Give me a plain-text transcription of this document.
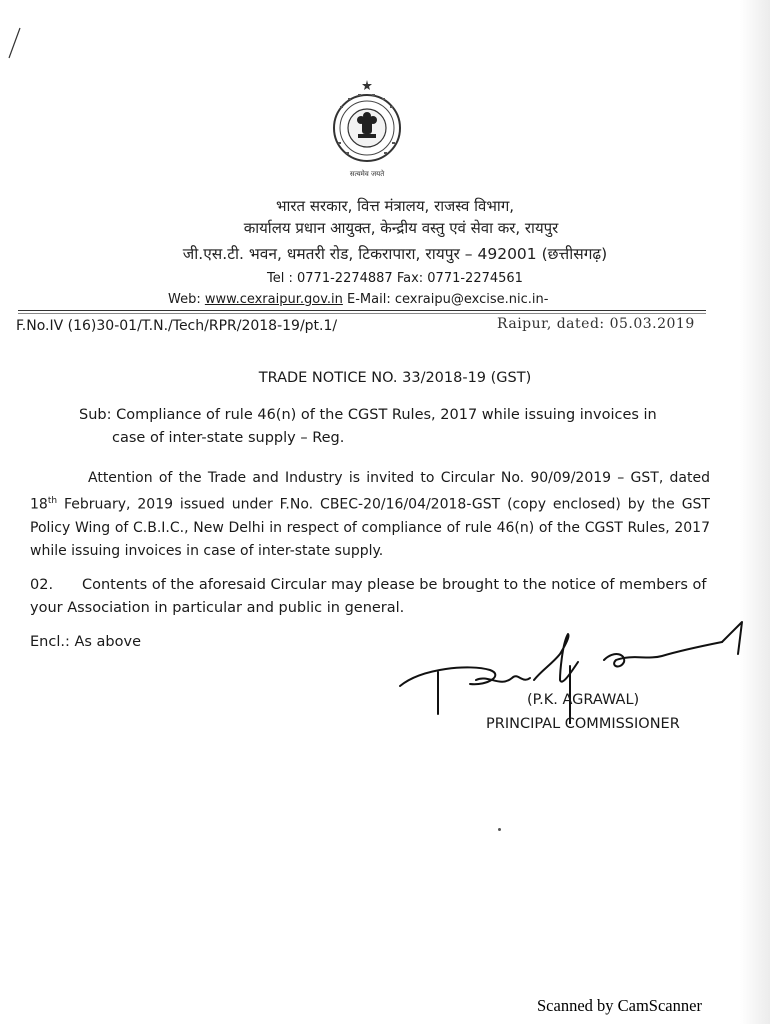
सत्यमेव जयते
भारत सरकार, वित्त मंत्रालय, राजस्व विभाग,
कार्यालय प्रधान आयुक्त, केन्द्रीय वस्तु एवं सेवा कर, रायपुर
जी.एस.टी. भवन, धमतरी रोड, टिकरापारा, रायपुर – 492001 (छत्तीसगढ़)
Tel : 0771-2274887 Fax: 0771-2274561
Web: www.cexraipur.gov.in E-Mail: cexraipu@excise.nic.in-
F.No.IV (16)30-01/T.N./Tech/RPR/2018-19/pt.1/	Raipur, dated: 05.03.2019
TRADE NOTICE NO. 33/2018-19 (GST)
Sub: Compliance of rule 46(n) of the CGST Rules, 2017 while issuing invoices in
case of inter-state supply – Reg.
Attention of the Trade and Industry is invited to Circular No. 90/09/2019 – GST, dated 18th February, 2019 issued under F.No. CBEC-20/16/04/2018-GST (copy enclosed) by the GST Policy Wing of C.B.I.C., New Delhi in respect of compliance of rule 46(n) of the CGST Rules, 2017 while issuing invoices in case of inter-state supply.
02. Contents of the aforesaid Circular may please be brought to the notice of members of your Association in particular and public in general.
Encl.: As above
(P.K. AGRAWAL)
PRINCIPAL COMMISSIONER
Scanned by CamScanner
